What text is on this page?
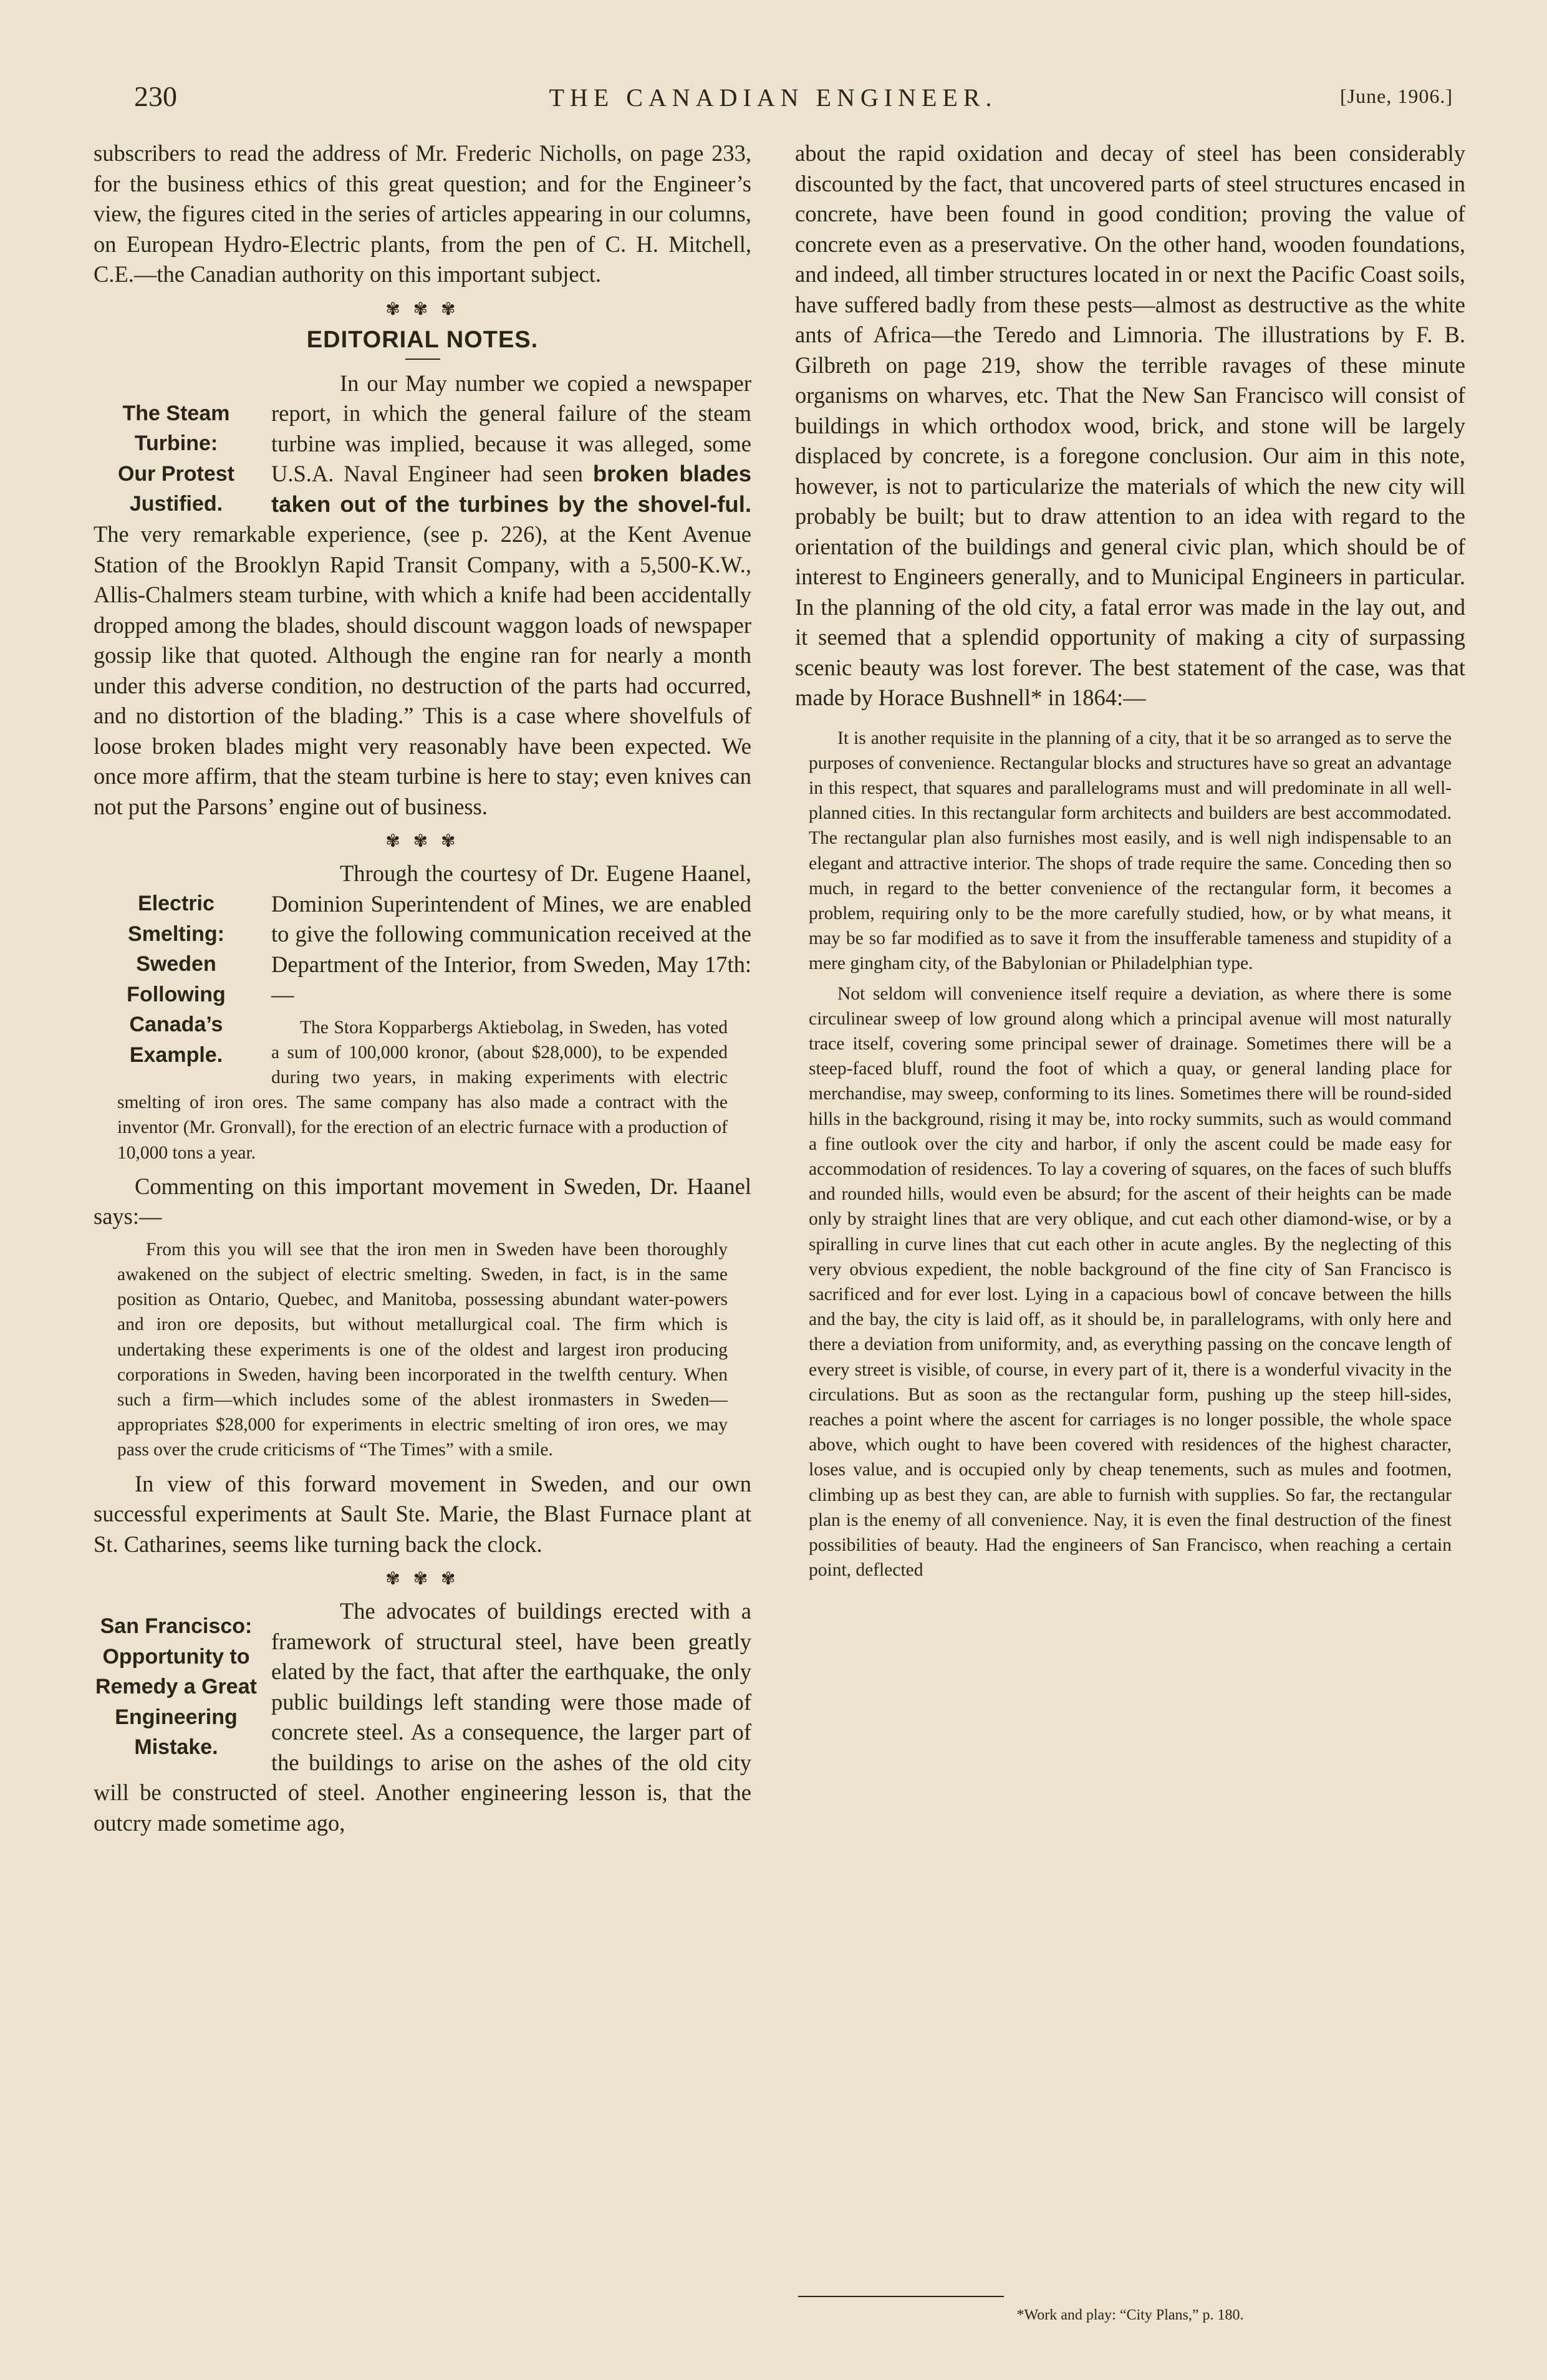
230	THE CANADIAN ENGINEER.	[June, 1906.]

subscribers to read the address of Mr. Frederic Nicholls, on page 233, for the business ethics of this great question; and for the Engineer’s view, the figures cited in the series of articles appearing in our columns, on European Hydro-Electric plants, from the pen of C. H. Mitchell, C.E.—the Canadian authority on this important subject.

✾ ✾ ✾
EDITORIAL NOTES.
The Steam
Turbine:
Our Protest
Justified.

In our May number we copied a newspaper report, in which the general failure of the steam turbine was implied, because it was alleged, some U.S.A. Naval Engineer had seen broken blades taken out of the turbines by the shovel-ful. The very remarkable experience, (see p. 226), at the Kent Avenue Station of the Brooklyn Rapid Transit Company, with a 5,500-K.W., Allis-Chalmers steam turbine, with which a knife had been accidentally dropped among the blades, should discount waggon loads of newspaper gossip like that quoted. Although the engine ran for nearly a month under this adverse condition, no destruction of the parts had occurred, and no distortion of the blading.” This is a case where shovelfuls of loose broken blades might very reasonably have been expected. We once more affirm, that the steam turbine is here to stay; even knives can not put the Parsons’ engine out of business.

✾ ✾ ✾
Electric Smelting:
Sweden Following
Canada’s Example.

Through the courtesy of Dr. Eugene Haanel, Dominion Superintendent of Mines, we are enabled to give the following communication received at the Department of the Interior, from Sweden, May 17th:—

The Stora Kopparbergs Aktiebolag, in Sweden, has voted a sum of 100,000 kronor, (about $28,000), to be expended during two years, in making experiments with electric smelting of iron ores. The same company has also made a contract with the inventor (Mr. Gronvall), for the erection of an electric furnace with a production of 10,000 tons a year.

Commenting on this important movement in Sweden, Dr. Haanel says:—

From this you will see that the iron men in Sweden have been thoroughly awakened on the subject of electric smelting. Sweden, in fact, is in the same position as Ontario, Quebec, and Manitoba, possessing abundant water-powers and iron ore deposits, but without metallurgical coal. The firm which is undertaking these experiments is one of the oldest and largest iron producing corporations in Sweden, having been incorporated in the twelfth century. When such a firm—which includes some of the ablest ironmasters in Sweden—appropriates $28,000 for experiments in electric smelting of iron ores, we may pass over the crude criticisms of “The Times” with a smile.

In view of this forward movement in Sweden, and our own successful experiments at Sault Ste. Marie, the Blast Furnace plant at St. Catharines, seems like turning back the clock.

✾ ✾ ✾
San Francisco:
Opportunity to
Remedy a Great
Engineering
Mistake.

The advocates of buildings erected with a framework of structural steel, have been greatly elated by the fact, that after the earthquake, the only public buildings left standing were those made of concrete steel. As a consequence, the larger part of the buildings to arise on the ashes of the old city will be constructed of steel. Another engineering lesson is, that the outcry made sometime ago,

about the rapid oxidation and decay of steel has been considerably discounted by the fact, that uncovered parts of steel structures encased in concrete, have been found in good condition; proving the value of concrete even as a preservative. On the other hand, wooden foundations, and indeed, all timber structures located in or next the Pacific Coast soils, have suffered badly from these pests—almost as destructive as the white ants of Africa—the Teredo and Limnoria. The illustrations by F. B. Gilbreth on page 219, show the terrible ravages of these minute organisms on wharves, etc. That the New San Francisco will consist of buildings in which orthodox wood, brick, and stone will be largely displaced by concrete, is a foregone conclusion. Our aim in this note, however, is not to particularize the materials of which the new city will probably be built; but to draw attention to an idea with regard to the orientation of the buildings and general civic plan, which should be of interest to Engineers generally, and to Municipal Engineers in particular. In the planning of the old city, a fatal error was made in the lay out, and it seemed that a splendid opportunity of making a city of surpassing scenic beauty was lost forever. The best statement of the case, was that made by Horace Bushnell* in 1864:—

It is another requisite in the planning of a city, that it be so arranged as to serve the purposes of convenience. Rectangular blocks and structures have so great an advantage in this respect, that squares and parallelograms must and will predominate in all well-planned cities. In this rectangular form architects and builders are best accommodated. The rectangular plan also furnishes most easily, and is well nigh indispensable to an elegant and attractive interior. The shops of trade require the same. Conceding then so much, in regard to the better convenience of the rectangular form, it becomes a problem, requiring only to be the more carefully studied, how, or by what means, it may be so far modified as to save it from the insufferable tameness and stupidity of a mere gingham city, of the Babylonian or Philadelphian type.

Not seldom will convenience itself require a deviation, as where there is some circulinear sweep of low ground along which a principal avenue will most naturally trace itself, covering some principal sewer of drainage. Sometimes there will be a steep-faced bluff, round the foot of which a quay, or general landing place for merchandise, may sweep, conforming to its lines. Sometimes there will be round-sided hills in the background, rising it may be, into rocky summits, such as would command a fine outlook over the city and harbor, if only the ascent could be made easy for accommodation of residences. To lay a covering of squares, on the faces of such bluffs and rounded hills, would even be absurd; for the ascent of their heights can be made only by straight lines that are very oblique, and cut each other diamond-wise, or by a spiralling in curve lines that cut each other in acute angles. By the neglecting of this very obvious expedient, the noble background of the fine city of San Francisco is sacrificed and for ever lost. Lying in a capacious bowl of concave between the hills and the bay, the city is laid off, as it should be, in parallelograms, with only here and there a deviation from uniformity, and, as everything passing on the concave length of every street is visible, of course, in every part of it, there is a wonderful vivacity in the circulations. But as soon as the rectangular form, pushing up the steep hill-sides, reaches a point where the ascent for carriages is no longer possible, the whole space above, which ought to have been covered with residences of the highest character, loses value, and is occupied only by cheap tenements, such as mules and footmen, climbing up as best they can, are able to furnish with supplies. So far, the rectangular plan is the enemy of all convenience. Nay, it is even the final destruction of the finest possibilities of beauty. Had the engineers of San Francisco, when reaching a certain point, deflected

*Work and play: “City Plans,” p. 180.
